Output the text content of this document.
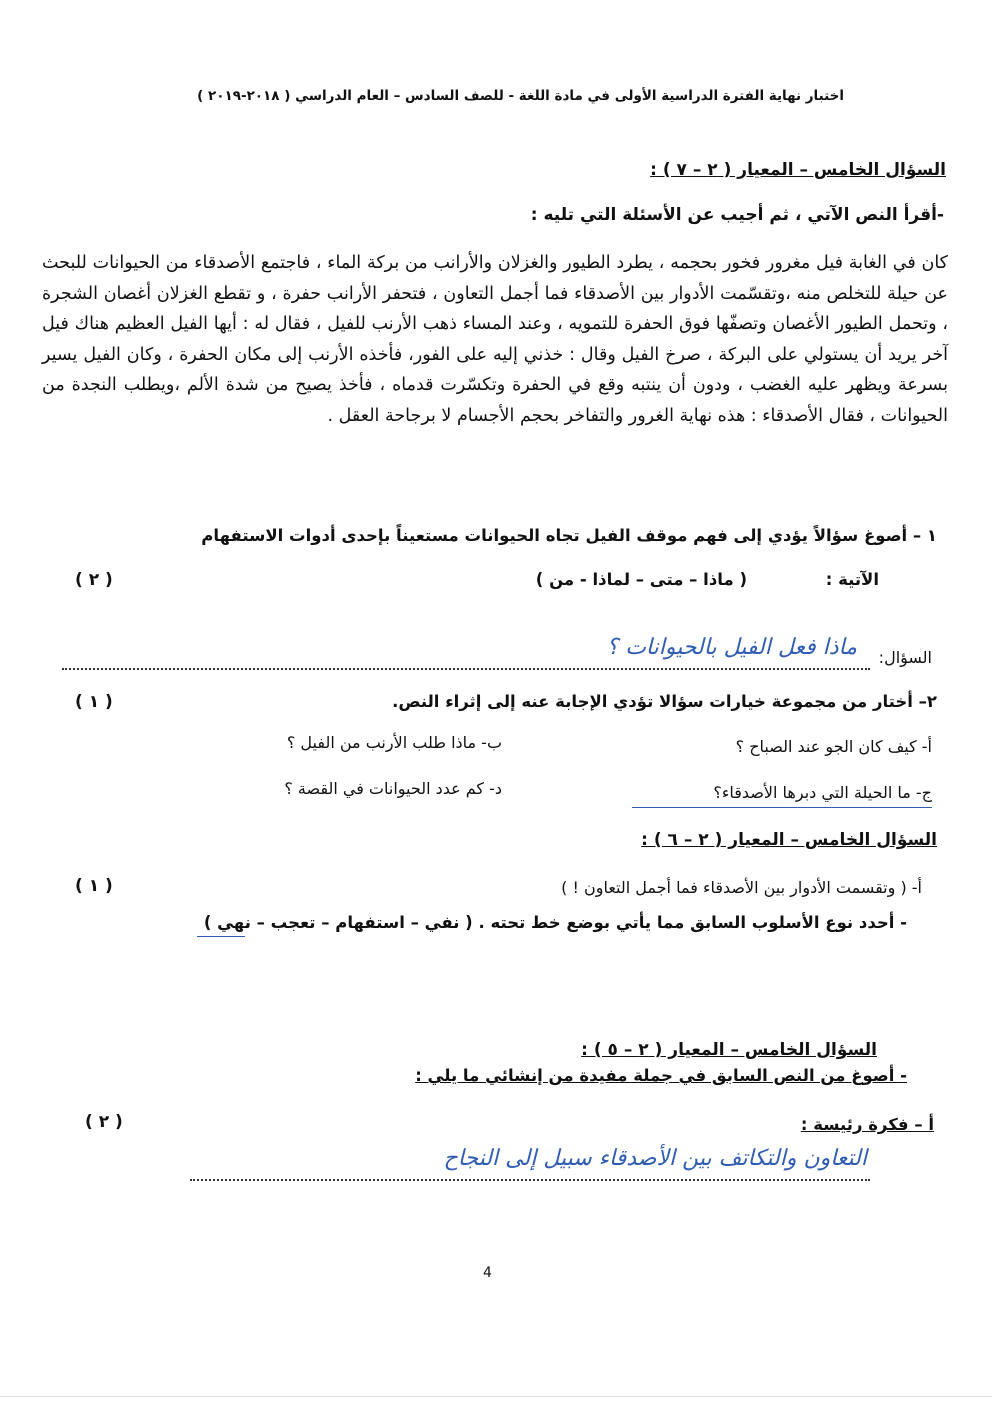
اختبار نهاية الفترة الدراسية الأولى في مادة اللغة - للصف السادس – العام الدراسي ( ٢٠١٨-٢٠١٩ )
السؤال الخامس – المعيار ( ٢ – ٧ ) :
-أقرأ النص الآتي ، ثم أجيب عن الأسئلة التي تليه :
كان في الغابة فيل مغرور فخور بحجمه ، يطرد الطيور والغزلان والأرانب من بركة الماء ، فاجتمع الأصدقاء من الحيوانات للبحث عن حيلة للتخلص منه ،وتقسّمت الأدوار بين الأصدقاء فما أجمل التعاون ، فتحفر الأرانب حفرة ، و تقطع الغزلان أغصان الشجرة ، وتحمل الطيور الأغصان وتصفّها فوق الحفرة للتمويه ، وعند المساء ذهب الأرنب للفيل ، فقال له : أيها الفيل العظيم هناك فيل آخر يريد أن يستولي على البركة ، صرخ الفيل وقال : خذني إليه على الفور، فأخذه الأرنب إلى مكان الحفرة ، وكان الفيل يسير بسرعة ويظهر عليه الغضب ، ودون أن ينتبه وقع في الحفرة وتكسّرت قدماه ، فأخذ يصيح من شدة الألم ،ويطلب النجدة من الحيوانات ، فقال الأصدقاء : هذه نهاية الغرور والتفاخر بحجم الأجسام لا برجاحة العقل .
١ – أصوغ سؤالاً يؤدي إلى فهم موقف الفيل تجاه الحيوانات مستعيناً بإحدى أدوات الاستفهام
الآتية :
( ماذا – متى – لماذا - من )
( ٢ )
السؤال:
ماذا فعل الفيل بالحيوانات ؟
٢– أختار من مجموعة خيارات سؤالا تؤدي الإجابة عنه إلى إثراء النص.
( ١ )
أ- كيف كان الجو عند الصباح ؟
ب- ماذا طلب الأرنب من الفيل ؟
ج- ما الحيلة التي دبرها الأصدقاء؟
د- كم عدد الحيوانات في القصة ؟
السؤال الخامس – المعيار ( ٢ – ٦ ) :
أ- ( وتقسمت الأدوار بين الأصدقاء فما أجمل التعاون ! )
( ١ )
- أحدد نوع الأسلوب السابق مما يأتي بوضع خط تحته . ( نفي – استفهام – تعجب – نهي )
السؤال الخامس – المعيار ( ٢ – ٥ ) :
- أصوغ من النص السابق في جملة مفيدة من إنشائي ما يلي :
أ – فكرة رئيسة :
( ٢ )
التعاون والتكاتف بين الأصدقاء سبيل إلى النجاح
4
